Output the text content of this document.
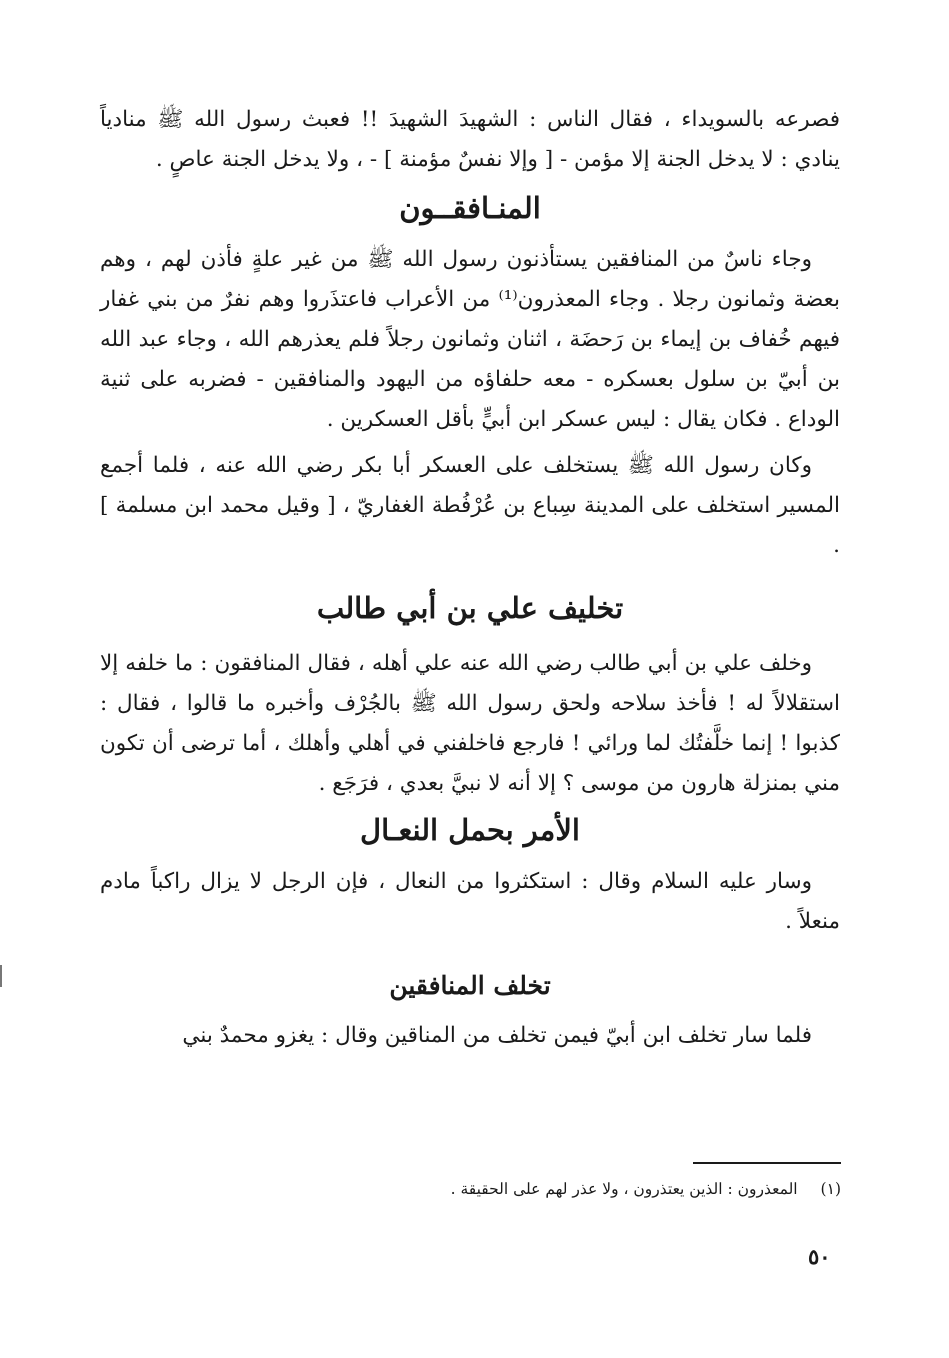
فصرعه بالسويداء ، فقال الناس : الشهيدَ الشهيدَ !! فعبث رسول الله ﷺ منادياً ينادي : لا يدخل الجنة إلا مؤمن - [ وإلا نفسٌ مؤمنة ] - ، ولا يدخل الجنة عاصٍ .

المنـافقــون

وجاء ناسٌ من المنافقين يستأذنون رسول الله ﷺ من غير علةٍ فأذن لهم ، وهم بعضة وثمانون رجلا . وجاء المعذرون⁽¹⁾ من الأعراب فاعتذَروا وهم نفرٌ من بني غفار فيهم خُفاف بن إيماء بن رَحضَة ، اثنان وثمانون رجلاً فلم يعذرهم الله ، وجاء عبد الله بن أبيّ بن سلول بعسكره - معه حلفاؤه من اليهود والمنافقين - فضربه على ثنية الوداع . فكان يقال : ليس عسكر ابن أبيٍّ بأقل العسكرين .

وكان رسول الله ﷺ يستخلف على العسكر أبا بكر رضي الله عنه ، فلما أجمع المسير استخلف على المدينة سِباع بن عُرْفُطة الغفاريّ ، [ وقيل محمد ابن مسلمة ] .

تخليف علي بن أبي طالب

وخلف علي بن أبي طالب رضي الله عنه علي أهله ، فقال المنافقون : ما خلفه إلا استقلالاً له ! فأخذ سلاحه ولحق رسول الله ﷺ بالجُرْف وأخبره ما قالوا ، فقال : كذبوا ! إنما خلَّفتُك لما ورائي ! فارجع فاخلفني في أهلي وأهلك ، أما ترضى أن تكون مني بمنزلة هارون من موسى ؟ إلا أنه لا نبيَّ بعدي ، فرَجَع .

الأمر بحمل النعـال

وسار عليه السلام وقال : استكثروا من النعال ، فإن الرجل لا يزال راكباً مادم منعلاً .

تخلف المنافقين

فلما سار تخلف ابن أبيّ فيمن تخلف من المناقين وقال : يغزو محمدٌ بني

(١) المعذرون : الذين يعتذرون ، ولا عذر لهم على الحقيقة .
٥٠
